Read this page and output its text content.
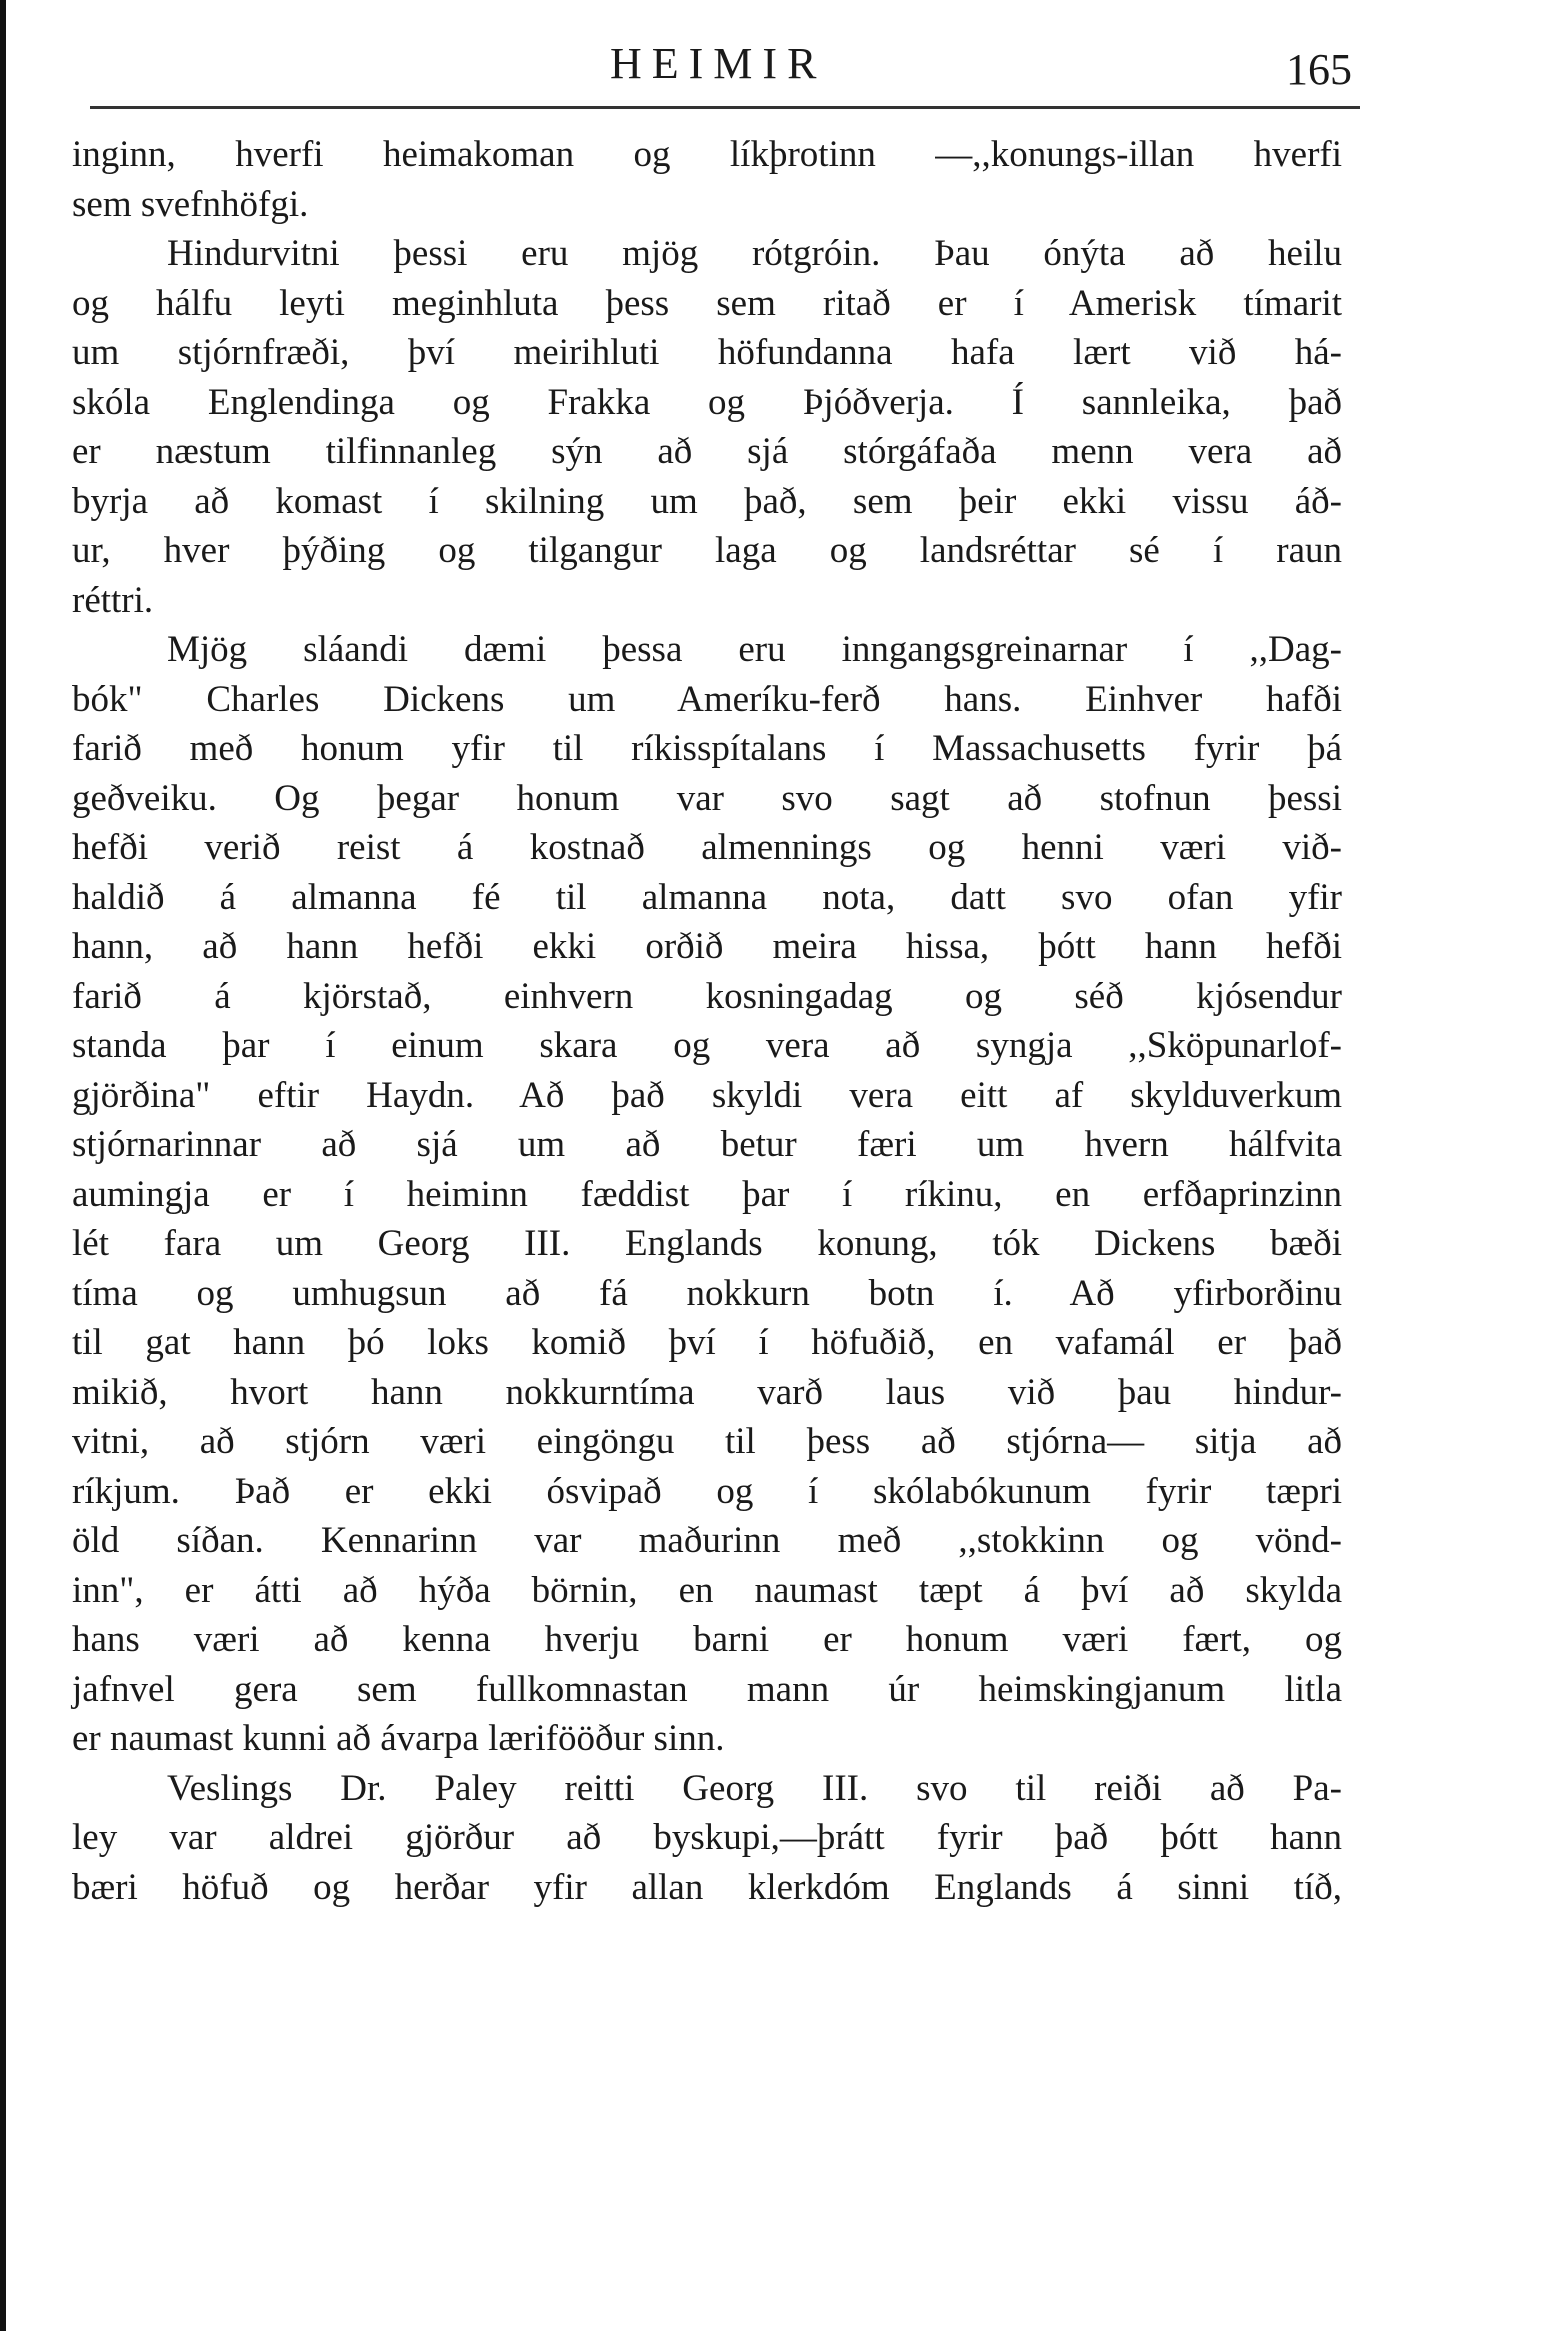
HEIMIR	165
inginn, hverfi heimakoman og líkþrotinn —,,konungs-illan hverfi
sem svefnhöfgi.
Hindurvitni þessi eru mjög rótgróin. Þau ónýta að heilu
og hálfu leyti meginhluta þess sem ritað er í Amerisk tímarit
um stjórnfræði, því meirihluti höfundanna hafa lært við há-
skóla Englendinga og Frakka og Þjóðverja. Í sannleika, það
er næstum tilfinnanleg sýn að sjá stórgáfaða menn vera að
byrja að komast í skilning um það, sem þeir ekki vissu áð-
ur, hver þýðing og tilgangur laga og landsréttar sé í raun
réttri.
Mjög sláandi dæmi þessa eru inngangsgreinarnar í ,,Dag-
bók" Charles Dickens um Ameríku-ferð hans. Einhver hafði
farið með honum yfir til ríkisspítalans í Massachusetts fyrir þá
geðveiku. Og þegar honum var svo sagt að stofnun þessi
hefði verið reist á kostnað almennings og henni væri við-
haldið á almanna fé til almanna nota, datt svo ofan yfir
hann, að hann hefði ekki orðið meira hissa, þótt hann hefði
farið á kjörstað, einhvern kosningadag og séð kjósendur
standa þar í einum skara og vera að syngja ,,Sköpunarlof-
gjörðina" eftir Haydn. Að það skyldi vera eitt af skylduverkum
stjórnarinnar að sjá um að betur færi um hvern hálfvita
aumingja er í heiminn fæddist þar í ríkinu, en erfðaprinzinn
lét fara um Georg III. Englands konung, tók Dickens bæði
tíma og umhugsun að fá nokkurn botn í. Að yfirborðinu
til gat hann þó loks komið því í höfuðið, en vafamál er það
mikið, hvort hann nokkurntíma varð laus við þau hindur-
vitni, að stjórn væri eingöngu til þess að stjórna— sitja að
ríkjum. Það er ekki ósvipað og í skólabókunum fyrir tæpri
öld síðan. Kennarinn var maðurinn með ,,stokkinn og vönd-
inn", er átti að hýða börnin, en naumast tæpt á því að skylda
hans væri að kenna hverju barni er honum væri fært, og
jafnvel gera sem fullkomnastan mann úr heimskingjanum litla
er naumast kunni að ávarpa lærifööður sinn.
Veslings Dr. Paley reitti Georg III. svo til reiði að Pa-
ley var aldrei gjörður að byskupi,—þrátt fyrir það þótt hann
bæri höfuð og herðar yfir allan klerkdóm Englands á sinni tíð,
